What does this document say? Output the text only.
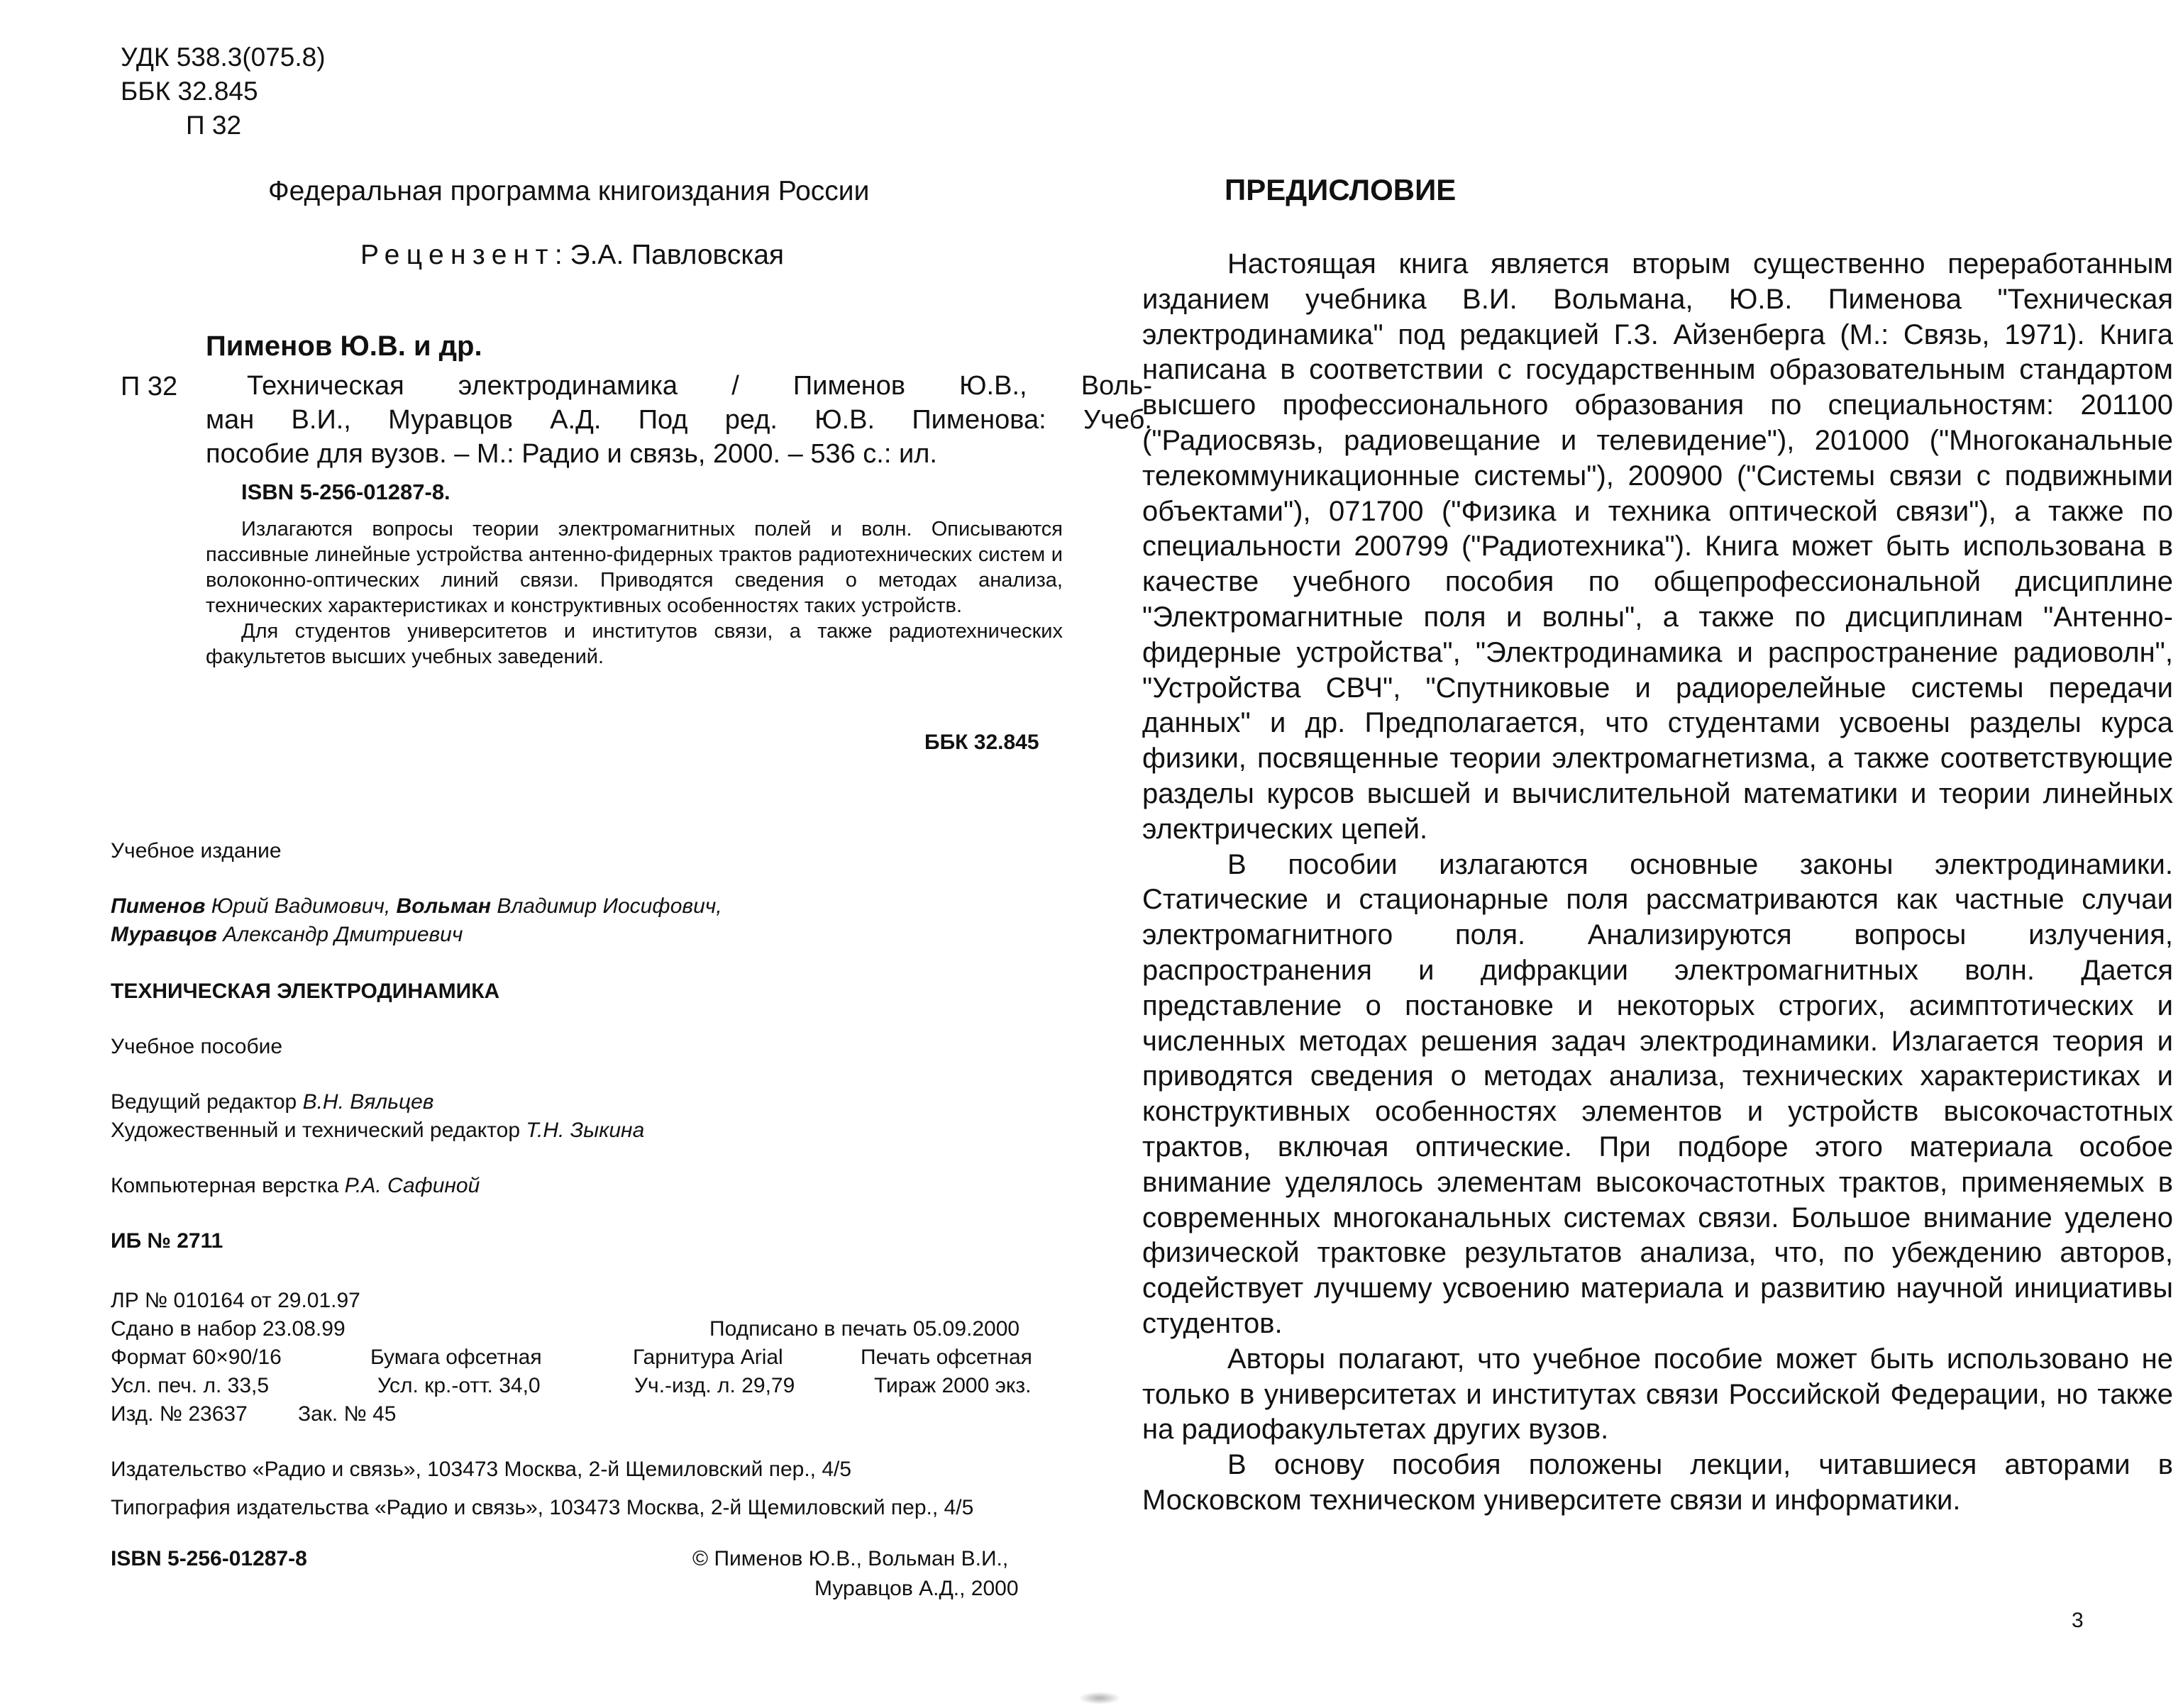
УДК 538.3(075.8)
ББК 32.845
П 32
Федеральная программа книгоиздания России
Рецензент: Э.А. Павловская
Пименов Ю.В. и др.
П 32	Техническая электродинамика / Пименов Ю.В., Воль-
ман В.И., Муравцов А.Д. Под ред. Ю.В. Пименова: Учеб.
пособие для вузов. – М.: Радио и связь, 2000. – 536 с.: ил.
ISBN 5-256-01287-8.

Излагаются вопросы теории электромагнитных полей и волн. Описываются пассивные линейные устройства антенно-фидерных трактов радиотехнических систем и волоконно-оптических линий связи. Приводятся сведения о методах анализа, технических характеристиках и конструктивных особенностях таких устройств.

Для студентов университетов и институтов связи, а также радиотехнических факультетов высших учебных заведений.

ББК 32.845
Учебное издание
Пименов Юрий Вадимович, Вольман Владимир Иосифович,
Муравцов Александр Дмитриевич
ТЕХНИЧЕСКАЯ ЭЛЕКТРОДИНАМИКА
Учебное пособие
Ведущий редактор В.Н. Вяльцев
Художественный и технический редактор Т.Н. Зыкина
Компьютерная верстка Р.А. Сафиной
ИБ № 2711
ЛР № 010164 от 29.01.97
Сдано в набор 23.08.99	Подписано в печать 05.09.2000
Формат 60×90/16	Бумага офсетная	Гарнитура Arial	Печать офсетная
Усл. печ. л. 33,5	Усл. кр.-отт. 34,0	Уч.-изд. л. 29,79	Тираж 2000 экз.
Изд. № 23637 Зак. № 45
Издательство «Радио и связь», 103473 Москва, 2-й Щемиловский пер., 4/5
Типография издательства «Радио и связь», 103473 Москва, 2-й Щемиловский пер., 4/5
ISBN 5-256-01287-8	© Пименов Ю.В., Вольман В.И.,
Муравцов А.Д., 2000
ПРЕДИСЛОВИЕ

Настоящая книга является вторым существенно переработанным изданием учебника В.И. Вольмана, Ю.В. Пименова "Техническая электродинамика" под редакцией Г.З. Айзенберга (М.: Связь, 1971). Книга написана в соответствии с государственным образовательным стандартом высшего профессионального образования по специальностям: 201100 ("Радиосвязь, радиовещание и телевидение"), 201000 ("Многоканальные телекоммуникационные системы"), 200900 ("Системы связи с подвижными объектами"), 071700 ("Физика и техника оптической связи"), а также по специальности 200799 ("Радиотехника"). Книга может быть использована в качестве учебного пособия по общепрофессиональной дисциплине "Электромагнитные поля и волны", а также по дисциплинам "Антенно-фидерные устройства", "Электродинамика и распространение радиоволн", "Устройства СВЧ", "Спутниковые и радиорелейные системы передачи данных" и др. Предполагается, что студентами усвоены разделы курса физики, посвященные теории электромагнетизма, а также соответствующие разделы курсов высшей и вычислительной математики и теории линейных электрических цепей.

В пособии излагаются основные законы электродинамики. Статические и стационарные поля рассматриваются как частные случаи электромагнитного поля. Анализируются вопросы излучения, распространения и дифракции электромагнитных волн. Дается представление о постановке и некоторых строгих, асимптотических и численных методах решения задач электродинамики. Излагается теория и приводятся сведения о методах анализа, технических характеристиках и конструктивных особенностях элементов и устройств высокочастотных трактов, включая оптические. При подборе этого материала особое внимание уделялось элементам высокочастотных трактов, применяемых в современных многоканальных системах связи. Большое внимание уделено физической трактовке результатов анализа, что, по убеждению авторов, содействует лучшему усвоению материала и развитию научной инициативы студентов.

Авторы полагают, что учебное пособие может быть использовано не только в университетах и институтах связи Российской Федерации, но также на радиофакультетах других вузов.

В основу пособия положены лекции, читавшиеся авторами в Московском техническом университете связи и информатики.

3
